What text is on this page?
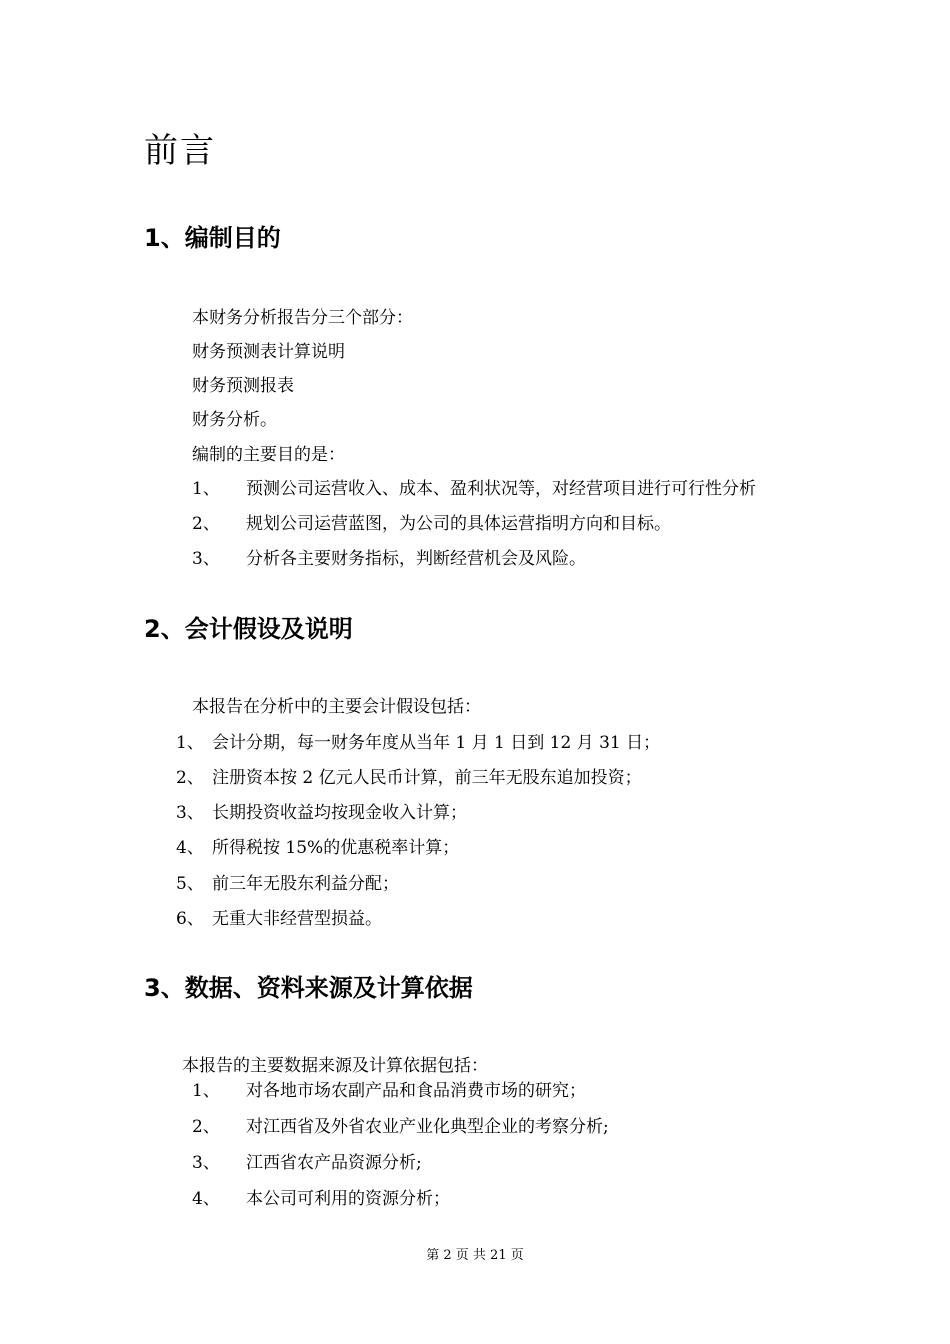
前言
1、编制目的

本财务分析报告分三个部分：

财务预测表计算说明

财务预测报表

财务分析。

编制的主要目的是：

1、 预测公司运营收入、成本、盈利状况等，对经营项目进行可行性分析
2、 规划公司运营蓝图，为公司的具体运营指明方向和目标。
3、 分析各主要财务指标，判断经营机会及风险。
2、会计假设及说明

本报告在分析中的主要会计假设包括：

1、 会计分期，每一财务年度从当年 1 月 1 日到 12 月 31 日；
2、 注册资本按 2 亿元人民币计算，前三年无股东追加投资；
3、 长期投资收益均按现金收入计算；
4、 所得税按 15%的优惠税率计算；
5、 前三年无股东利益分配；
6、 无重大非经营型损益。
3、数据、资料来源及计算依据

本报告的主要数据来源及计算依据包括：

1、 对各地市场农副产品和食品消费市场的研究；
2、 对江西省及外省农业产业化典型企业的考察分析;
3、 江西省农产品资源分析;
4、 本公司可利用的资源分析；
第 2 页 共 21 页
